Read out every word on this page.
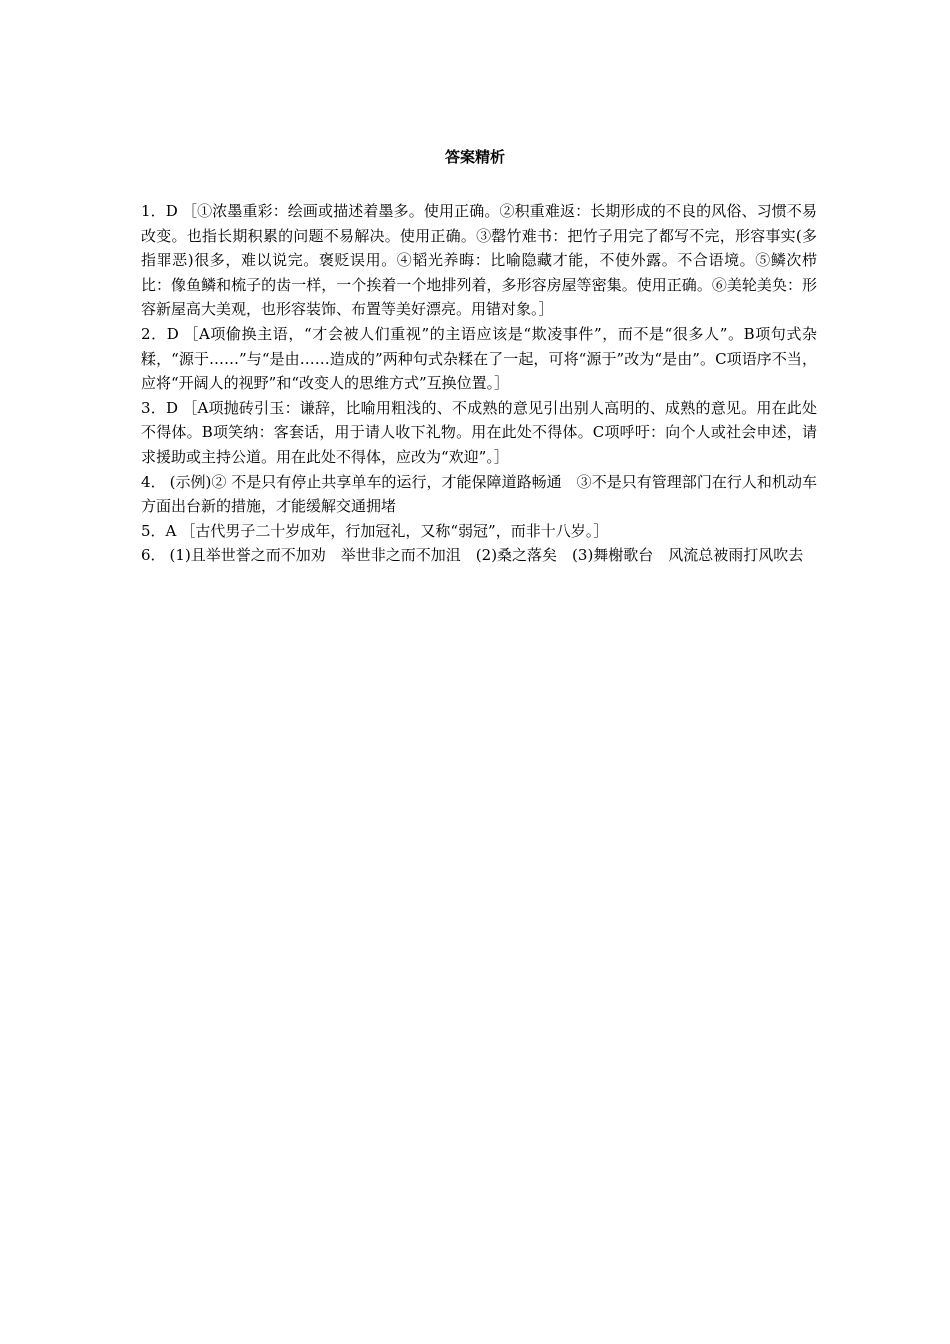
答案精析
1．D ［①浓墨重彩：绘画或描述着墨多。使用正确。②积重难返：长期形成的不良的风俗、习惯不易改变。也指长期积累的问题不易解决。使用正确。③罄竹难书：把竹子用完了都写不完，形容事实(多指罪恶)很多，难以说完。褒贬误用。④韬光养晦：比喻隐藏才能，不使外露。不合语境。⑤鳞次栉比：像鱼鳞和梳子的齿一样，一个挨着一个地排列着，多形容房屋等密集。使用正确。⑥美轮美奂：形容新屋高大美观，也形容装饰、布置等美好漂亮。用错对象。］
2．D ［A项偷换主语，“才会被人们重视”的主语应该是“欺凌事件”，而不是“很多人”。B项句式杂糅，“源于……”与“是由……造成的”两种句式杂糅在了一起，可将“源于”改为“是由”。C项语序不当，应将“开阔人的视野”和“改变人的思维方式”互换位置。］
3．D ［A项抛砖引玉：谦辞，比喻用粗浅的、不成熟的意见引出别人高明的、成熟的意见。用在此处不得体。B项笑纳：客套话，用于请人收下礼物。用在此处不得体。C项呼吁：向个人或社会申述，请求援助或主持公道。用在此处不得体，应改为“欢迎”。］
4． (示例)② 不是只有停止共享单车的运行，才能保障道路畅通　③不是只有管理部门在行人和机动车方面出台新的措施，才能缓解交通拥堵
5．A ［古代男子二十岁成年，行加冠礼，又称“弱冠”，而非十八岁。］
6． (1)且举世誉之而不加劝　举世非之而不加沮　(2)桑之落矣　(3)舞榭歌台　风流总被雨打风吹去
